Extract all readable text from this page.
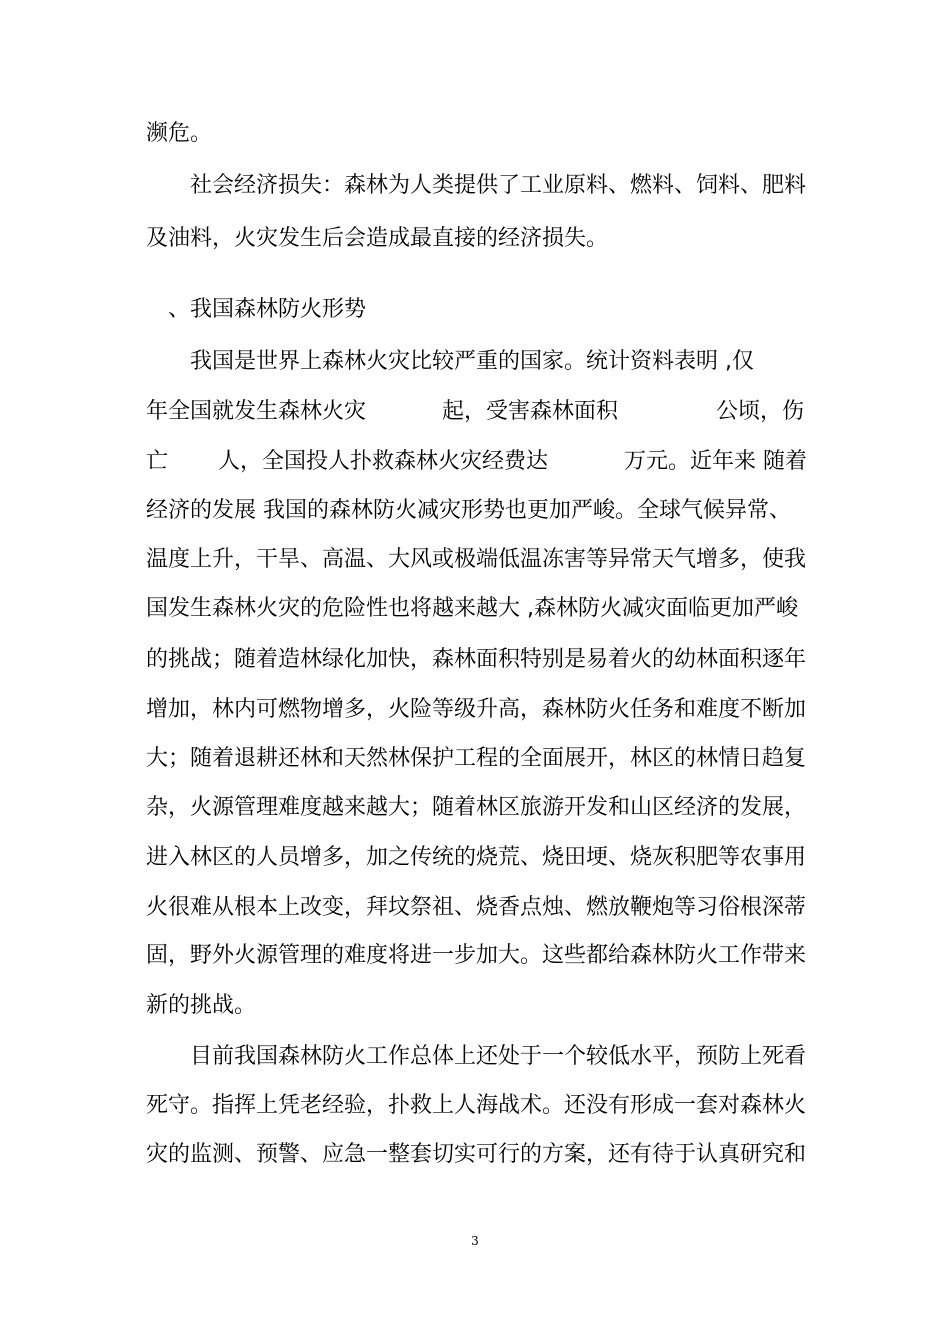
濒危。
社会经济损失：森林为人类提供了工业原料、燃料、饲料、肥料
及油料，火灾发生后会造成最直接的经济损失。
、我国森林防火形势
我国是世界上森林火灾比较严重的国家。统计资料表明 ,仅
年全国就发生森林火灾	起，受害森林面积	公顷，伤
亡 人，全国投人扑救森林火灾经费达	万元。近年来 随着
经济的发展 我国的森林防火减灾形势也更加严峻。全球气候异常、
温度上升，干旱、高温、大风或极端低温冻害等异常天气增多，使我
国发生森林火灾的危险性也将越来越大 ,森林防火减灾面临更加严峻
的挑战；随着造林绿化加快，森林面积特别是易着火的幼林面积逐年
增加，林内可燃物增多，火险等级升高，森林防火任务和难度不断加
大；随着退耕还林和天然林保护工程的全面展开，林区的林情日趋复
杂，火源管理难度越来越大；随着林区旅游开发和山区经济的发展，
进入林区的人员增多，加之传统的烧荒、烧田埂、烧灰积肥等农事用
火很难从根本上改变，拜坟祭祖、烧香点烛、燃放鞭炮等习俗根深蒂
固，野外火源管理的难度将进一步加大。这些都给森林防火工作带来
新的挑战。
目前我国森林防火工作总体上还处于一个较低水平，预防上死看
死守。指挥上凭老经验，扑救上人海战术。还没有形成一套对森林火
灾的监测、预警、应急一整套切实可行的方案，还有待于认真研究和
3
